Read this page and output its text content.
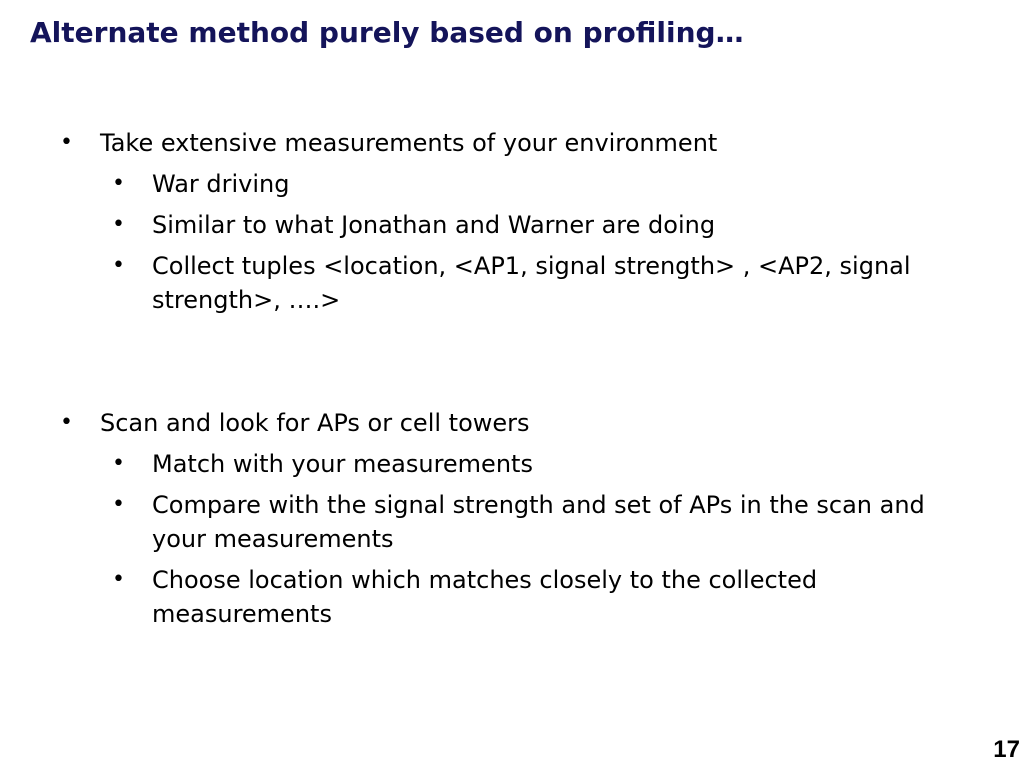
Alternate method purely based on profiling…
•	Take extensive measurements of your environment
•	War driving
•	Similar to what Jonathan and Warner are doing
•	Collect tuples <location, <AP1, signal strength> , <AP2, signal strength>, ….>
•	Scan and look for APs or cell towers
•	Match with your measurements
•	Compare with the signal strength and set of APs in the scan and your measurements
•	Choose location which matches closely to the collected measurements
17
